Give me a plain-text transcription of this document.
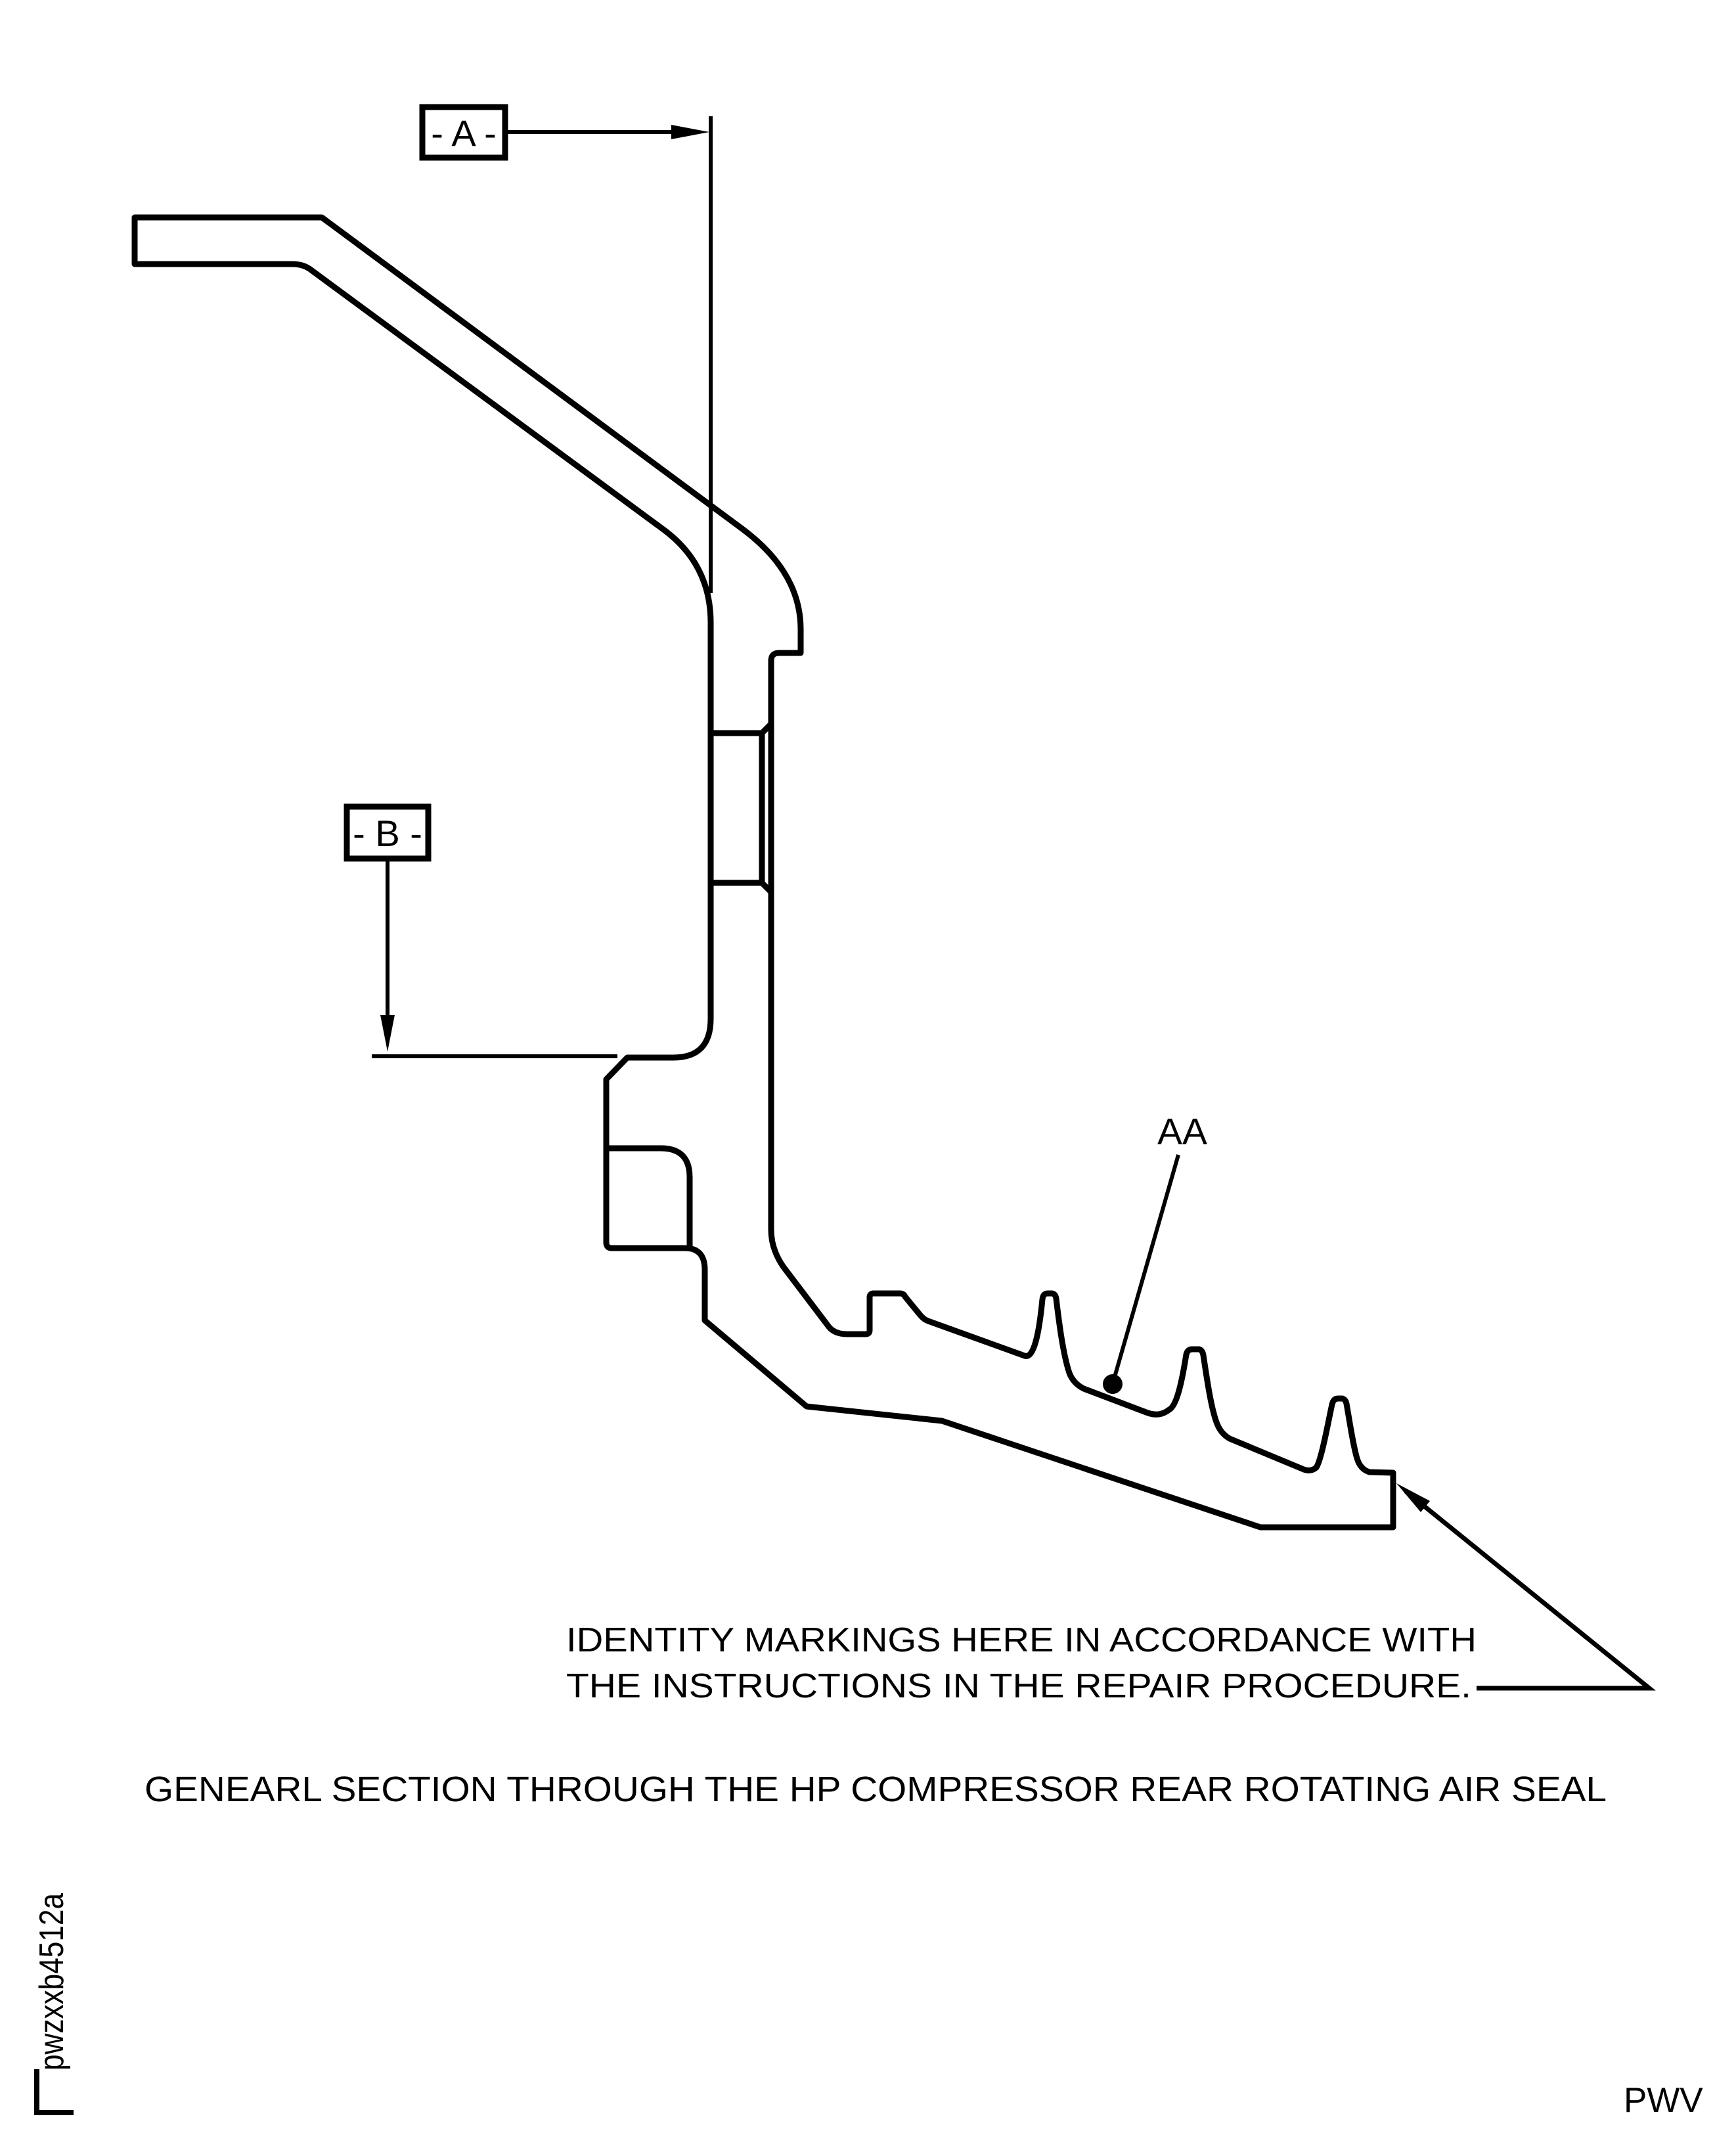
- A -
- B -
AA
IDENTITY MARKINGS HERE IN ACCORDANCE WITH
THE INSTRUCTIONS IN THE REPAIR PROCEDURE.
GENEARL SECTION THROUGH THE HP COMPRESSOR REAR ROTATING AIR SEAL
pwzxxb4512a
PWV
